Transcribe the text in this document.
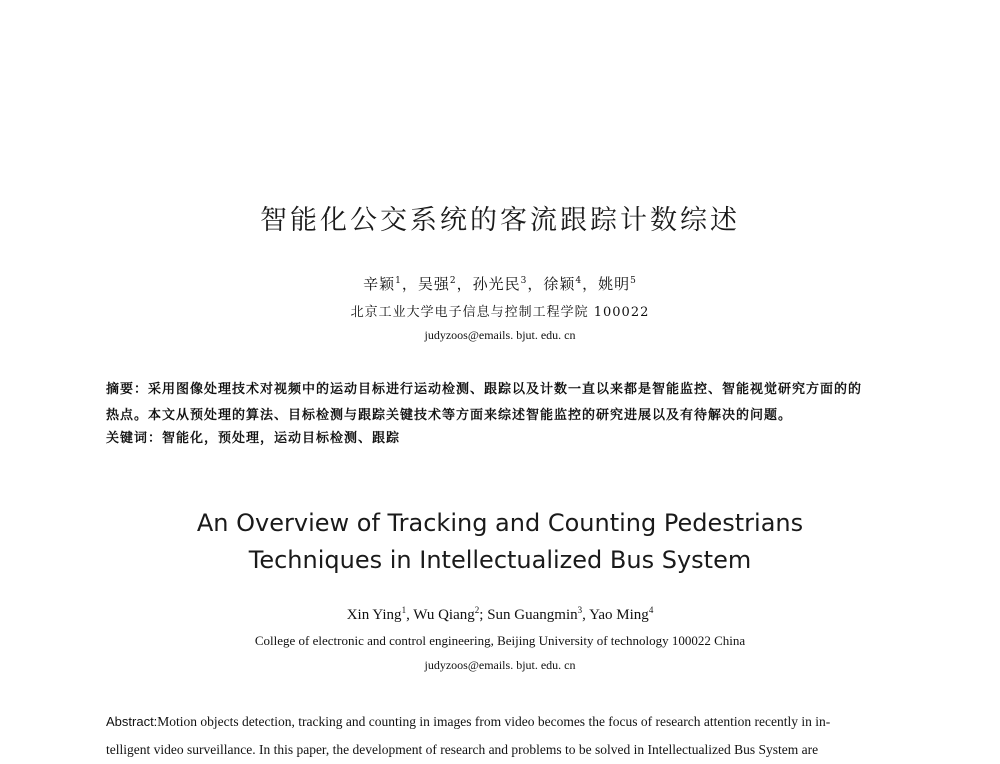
智能化公交系统的客流跟踪计数综述
辛颖$^1$，吴强$^2$，孙光民$^3$，徐颖$^4$，姚明$^5$
北京工业大学电子信息与控制工程学院 100022
judyzoos@emails. bjut. edu. cn
摘要：采用图像处理技术对视频中的运动目标进行运动检测、跟踪以及计数一直以来都是智能监控、智能视觉研究方面的的
热点。本文从预处理的算法、目标检测与跟踪关键技术等方面来综述智能监控的研究进展以及有待解决的问题。
关键词：智能化，预处理，运动目标检测、跟踪
An Overview of Tracking and Counting Pedestrians
Techniques in Intellectualized Bus System
Xin Ying$^1$, Wu Qiang$^2$; Sun Guangmin$^3$, Yao Ming$^4$
College of electronic and control engineering, Beijing University of technology 100022 China
judyzoos@emails. bjut. edu. cn
Abstract:Motion objects detection, tracking and counting in images from video becomes the focus of research attention recently in in-
telligent video surveillance. In this paper, the development of research and problems to be solved in Intellectualized Bus System are
